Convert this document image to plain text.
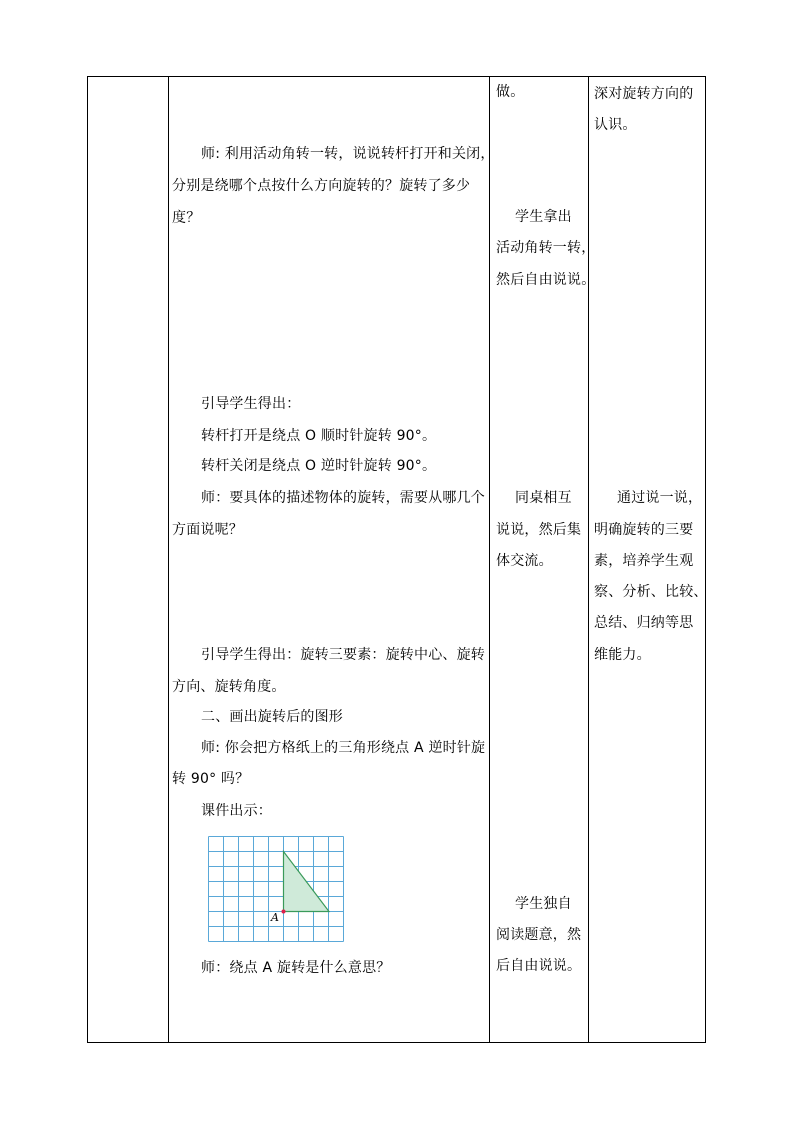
师: 利用活动角转一转，说说转杆打开和关闭，
分别是绕哪个点按什么方向旋转的？旋转了多少
度？
引导学生得出：
转杆打开是绕点 O 顺时针旋转 90°。
转杆关闭是绕点 O 逆时针旋转 90°。
师：要具体的描述物体的旋转，需要从哪几个
方面说呢？
引导学生得出：旋转三要素：旋转中心、旋转
方向、旋转角度。
二、画出旋转后的图形
师: 你会把方格纸上的三角形绕点 A 逆时针旋
转 90° 吗？
课件出示：
师：绕点 A 旋转是什么意思？
A
做。
学生拿出
活动角转一转，
然后自由说说。
同桌相互
说说，然后集
体交流。
学生独自
阅读题意，然
后自由说说。
深对旋转方向的
认识。
通过说一说，
明确旋转的三要
素，培养学生观
察、分析、比较、
总结、归纳等思
维能力。
